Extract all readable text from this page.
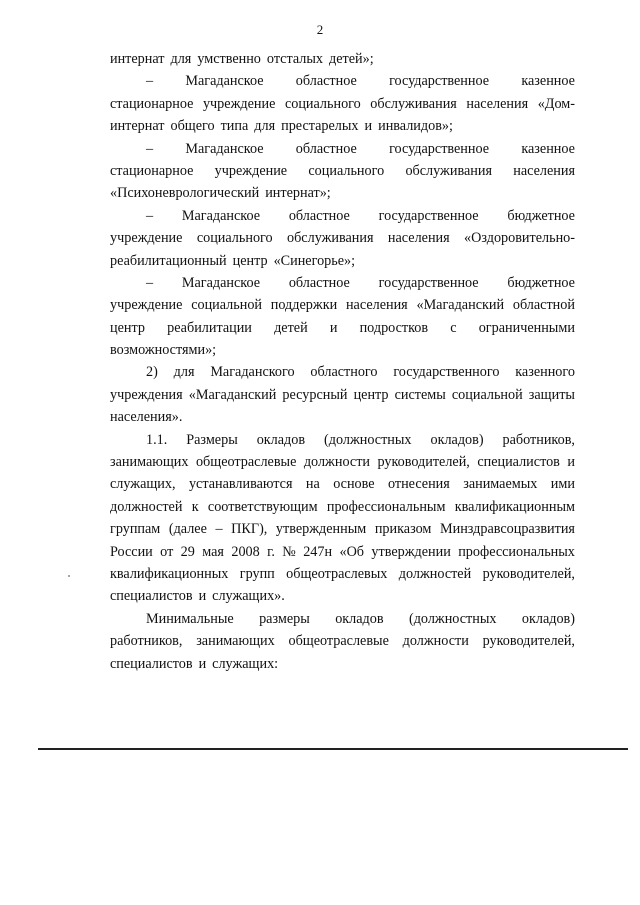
2
интернат для умственно отсталых детей»;
– Магаданское областное государственное казенное
стационарное учреждение социального обслуживания населения «Дом-
интернат общего типа для престарелых и инвалидов»;
– Магаданское областное государственное казенное
стационарное учреждение социального обслуживания населения
«Психоневрологический интернат»;
– Магаданское областное государственное бюджетное
учреждение социального обслуживания населения «Оздоровительно-
реабилитационный центр «Синегорье»;
– Магаданское областное государственное бюджетное
учреждение социальной поддержки населения «Магаданский областной
центр реабилитации детей и подростков с ограниченными
возможностями»;
2) для Магаданского областного государственного казенного
учреждения «Магаданский ресурсный центр системы социальной защиты
населения».
1.1. Размеры окладов (должностных окладов) работников,
занимающих общеотраслевые должности руководителей, специалистов и
служащих, устанавливаются на основе отнесения занимаемых ими
должностей к соответствующим профессиональным квалификационным
группам (далее – ПКГ), утвержденным приказом Минздравсоцразвития
России от 29 мая 2008 г. № 247н «Об утверждении профессиональных
квалификационных групп общеотраслевых должностей руководителей,
специалистов и служащих».
Минимальные размеры окладов (должностных окладов)
работников, занимающих общеотраслевые должности руководителей,
специалистов и служащих:
